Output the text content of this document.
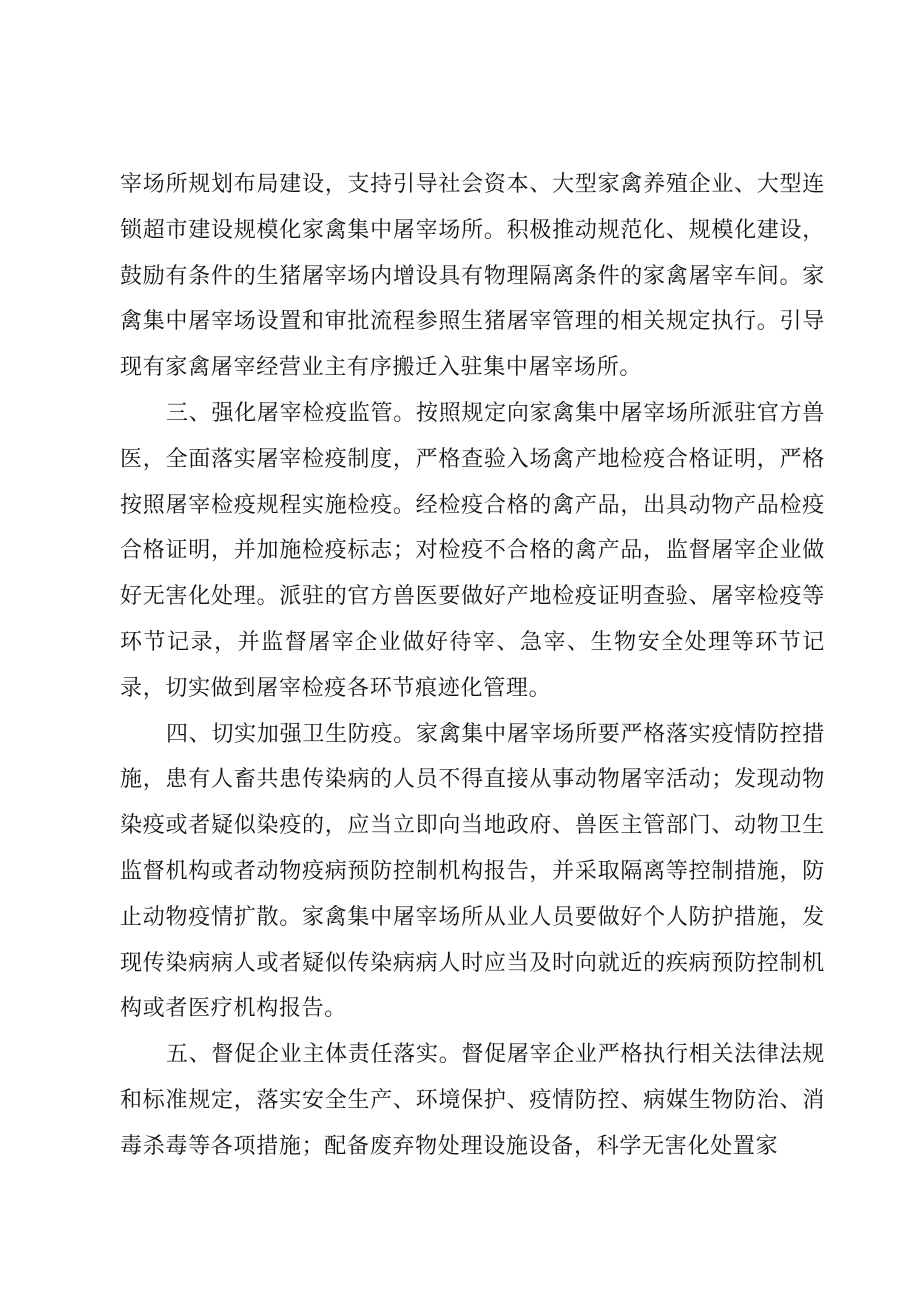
宰场所规划布局建设，支持引导社会资本、大型家禽养殖企业、大型连锁超市建设规模化家禽集中屠宰场所。积极推动规范化、规模化建设，鼓励有条件的生猪屠宰场内增设具有物理隔离条件的家禽屠宰车间。家禽集中屠宰场设置和审批流程参照生猪屠宰管理的相关规定执行。引导现有家禽屠宰经营业主有序搬迁入驻集中屠宰场所。

三、强化屠宰检疫监管。按照规定向家禽集中屠宰场所派驻官方兽医，全面落实屠宰检疫制度，严格查验入场禽产地检疫合格证明，严格按照屠宰检疫规程实施检疫。经检疫合格的禽产品，出具动物产品检疫合格证明，并加施检疫标志；对检疫不合格的禽产品，监督屠宰企业做好无害化处理。派驻的官方兽医要做好产地检疫证明查验、屠宰检疫等环节记录，并监督屠宰企业做好待宰、急宰、生物安全处理等环节记录，切实做到屠宰检疫各环节痕迹化管理。

四、切实加强卫生防疫。家禽集中屠宰场所要严格落实疫情防控措施，患有人畜共患传染病的人员不得直接从事动物屠宰活动；发现动物染疫或者疑似染疫的，应当立即向当地政府、兽医主管部门、动物卫生监督机构或者动物疫病预防控制机构报告，并采取隔离等控制措施，防止动物疫情扩散。家禽集中屠宰场所从业人员要做好个人防护措施，发现传染病病人或者疑似传染病病人时应当及时向就近的疾病预防控制机构或者医疗机构报告。

五、督促企业主体责任落实。督促屠宰企业严格执行相关法律法规和标准规定，落实安全生产、环境保护、疫情防控、病媒生物防治、消毒杀毒等各项措施；配备废弃物处理设施设备，科学无害化处置家
